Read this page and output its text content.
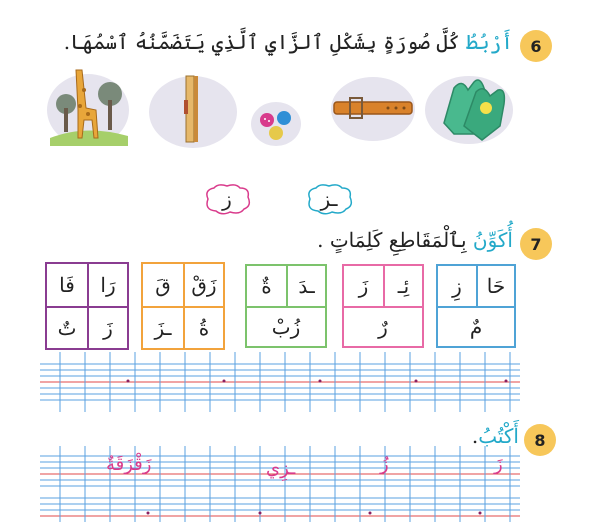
6
أَرْبُطُ كُلَّ صُورَةٍ بِشَكْلِ ٱلزَّايِ ٱلَّذِي يَتَضَمَّنُهُ ٱسْمُهَا.
ـز
ز
7
أُكَوِّنُ بِٱلْمَقَاطِعِ كَلِمَاتٍ .
حَا
زِ
مٌ
ئِـ
زَ
رٌ
ـدَ
ةٌ
زُبْ
زَقْ
قَ
ةُ
ـزَ
رَا
فَا
زَ
تٌ
8
أَكْتُبُ.
زَ
زُ
ـزِي
زَقْزَقَةٌ
